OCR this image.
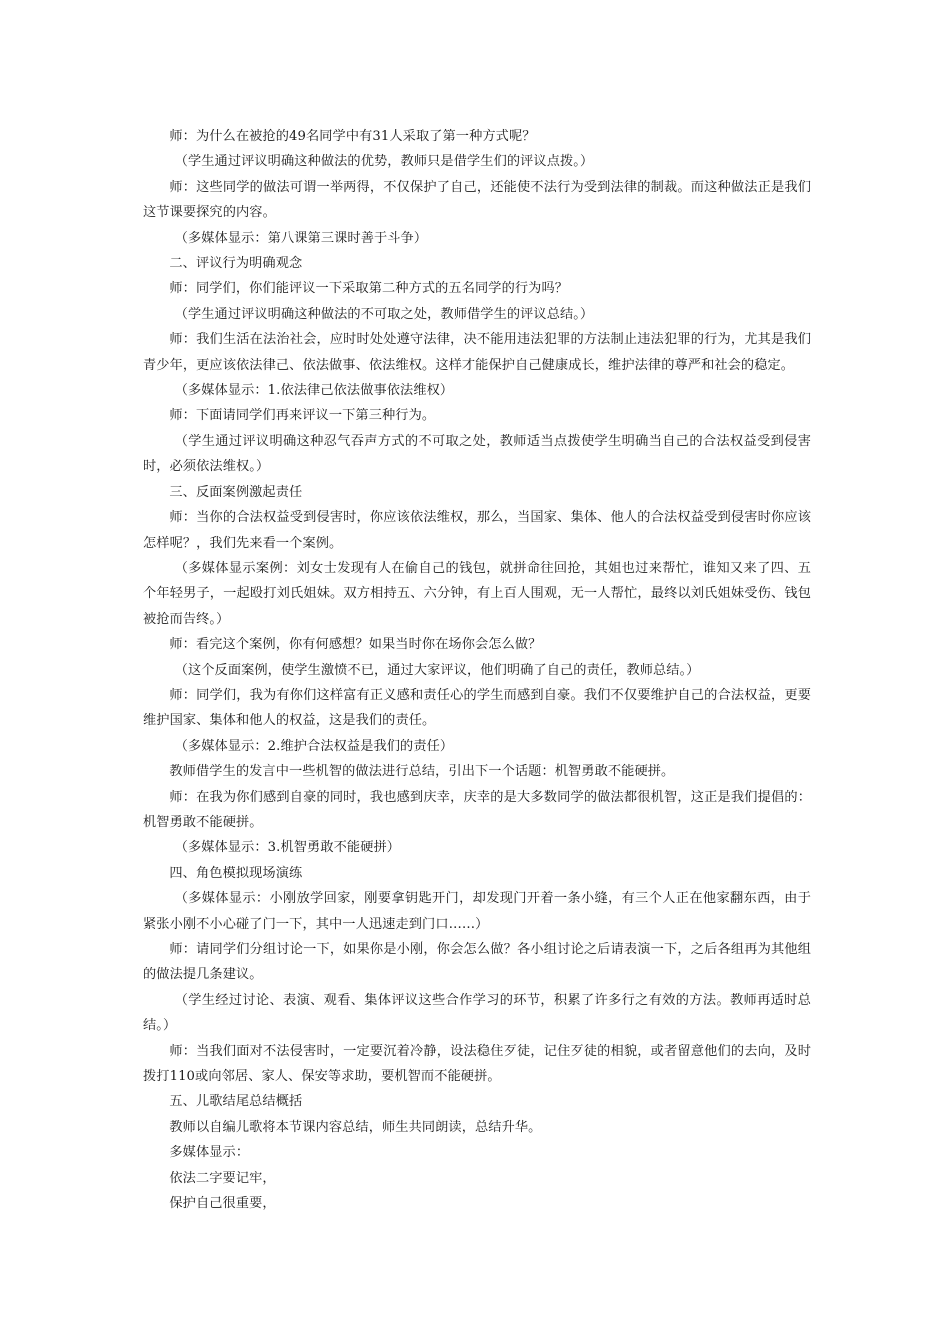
师：为什么在被抢的49名同学中有31人采取了第一种方式呢？

（学生通过评议明确这种做法的优势，教师只是借学生们的评议点拨。）

师：这些同学的做法可谓一举两得，不仅保护了自己，还能使不法行为受到法律的制裁。而这种做法正是我们这节课要探究的内容。

（多媒体显示：第八课第三课时善于斗争）

二、评议行为明确观念

师：同学们，你们能评议一下采取第二种方式的五名同学的行为吗？

（学生通过评议明确这种做法的不可取之处，教师借学生的评议总结。）

师：我们生活在法治社会，应时时处处遵守法律，决不能用违法犯罪的方法制止违法犯罪的行为，尤其是我们青少年，更应该依法律己、依法做事、依法维权。这样才能保护自己健康成长，维护法律的尊严和社会的稳定。

（多媒体显示：1.依法律己依法做事依法维权）

师：下面请同学们再来评议一下第三种行为。

（学生通过评议明确这种忍气吞声方式的不可取之处，教师适当点拨使学生明确当自己的合法权益受到侵害时，必须依法维权。）

三、反面案例激起责任

师：当你的合法权益受到侵害时，你应该依法维权，那么，当国家、集体、他人的合法权益受到侵害时你应该怎样呢？，我们先来看一个案例。

（多媒体显示案例：刘女士发现有人在偷自己的钱包，就拼命往回抢，其姐也过来帮忙，谁知又来了四、五个年轻男子，一起殴打刘氏姐妹。双方相持五、六分钟，有上百人围观，无一人帮忙，最终以刘氏姐妹受伤、钱包被抢而告终。）

师：看完这个案例，你有何感想？如果当时你在场你会怎么做？

（这个反面案例，使学生激愤不已，通过大家评议，他们明确了自己的责任，教师总结。）

师：同学们，我为有你们这样富有正义感和责任心的学生而感到自豪。我们不仅要维护自己的合法权益，更要维护国家、集体和他人的权益，这是我们的责任。

（多媒体显示：2.维护合法权益是我们的责任）

教师借学生的发言中一些机智的做法进行总结，引出下一个话题：机智勇敢不能硬拼。

师：在我为你们感到自豪的同时，我也感到庆幸，庆幸的是大多数同学的做法都很机智，这正是我们提倡的：机智勇敢不能硬拼。

（多媒体显示：3.机智勇敢不能硬拼）

四、角色模拟现场演练

（多媒体显示：小刚放学回家，刚要拿钥匙开门，却发现门开着一条小缝，有三个人正在他家翻东西，由于紧张小刚不小心碰了门一下，其中一人迅速走到门口……）

师：请同学们分组讨论一下，如果你是小刚，你会怎么做？各小组讨论之后请表演一下，之后各组再为其他组的做法提几条建议。

（学生经过讨论、表演、观看、集体评议这些合作学习的环节，积累了许多行之有效的方法。教师再适时总结。）

师：当我们面对不法侵害时，一定要沉着冷静，设法稳住歹徒，记住歹徒的相貌，或者留意他们的去向，及时拨打110或向邻居、家人、保安等求助，要机智而不能硬拼。

五、儿歌结尾总结概括

教师以自编儿歌将本节课内容总结，师生共同朗读，总结升华。

多媒体显示：

依法二字要记牢，

保护自己很重要，
